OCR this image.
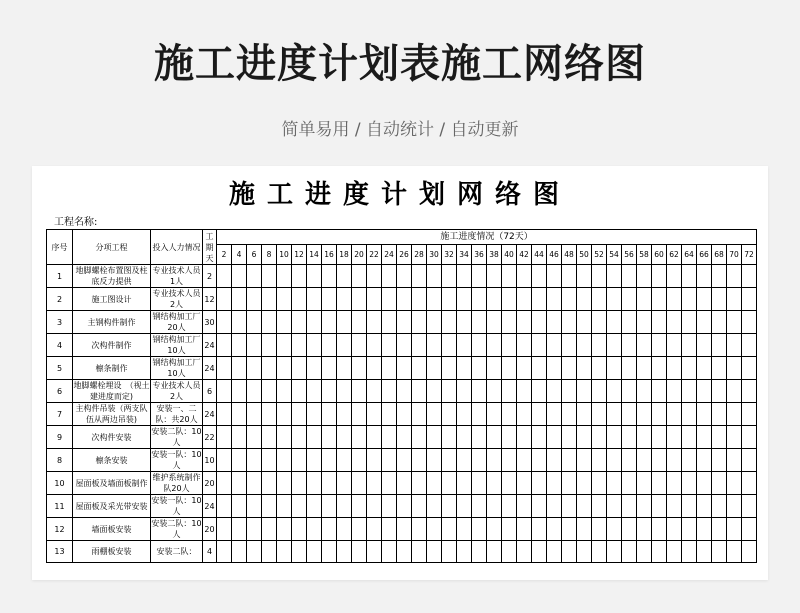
施工进度计划表施工网络图
简单易用 / 自动统计 / 自动更新
施工进度计划网络图
工程名称:
序号	分项工程	投入人力情况	工期天	施工进度情况（72天）																																			
				2	4	6	8	10	12	14	16	18	20	22	24	26	28	30	32	34	36	38	40	42	44	46	48	50	52	54	56	58	60	62	64	66	68	70	72
1	地脚螺栓布置图及柱底反力提供	专业技术人员1人	2																																				
2	施工图设计	专业技术人员2人	12																																				
3	主钢构件制作	钢结构加工厂20人	30																																				
4	次构件制作	钢结构加工厂10人	24																																				
5	檩条制作	钢结构加工厂10人	24																																				
6	地脚螺栓埋设　（视土建进度而定)	专业技术人员2人	6																																				
7	主构件吊装（两支队伍从两边吊装)	安装一、二队：共20人	24																																				
9	次构件安装	安装二队：10人	22																																				
8	檩条安装	安装一队：10人	10																																				
10	屋面板及墙面板制作	维护系统制作队20人	20																																				
11	屋面板及采光带安装	安装一队：10人	24																																				
12	墙面板安装	安装二队：10人	20																																				
13	雨棚板安装	安装二队：	4																																				
